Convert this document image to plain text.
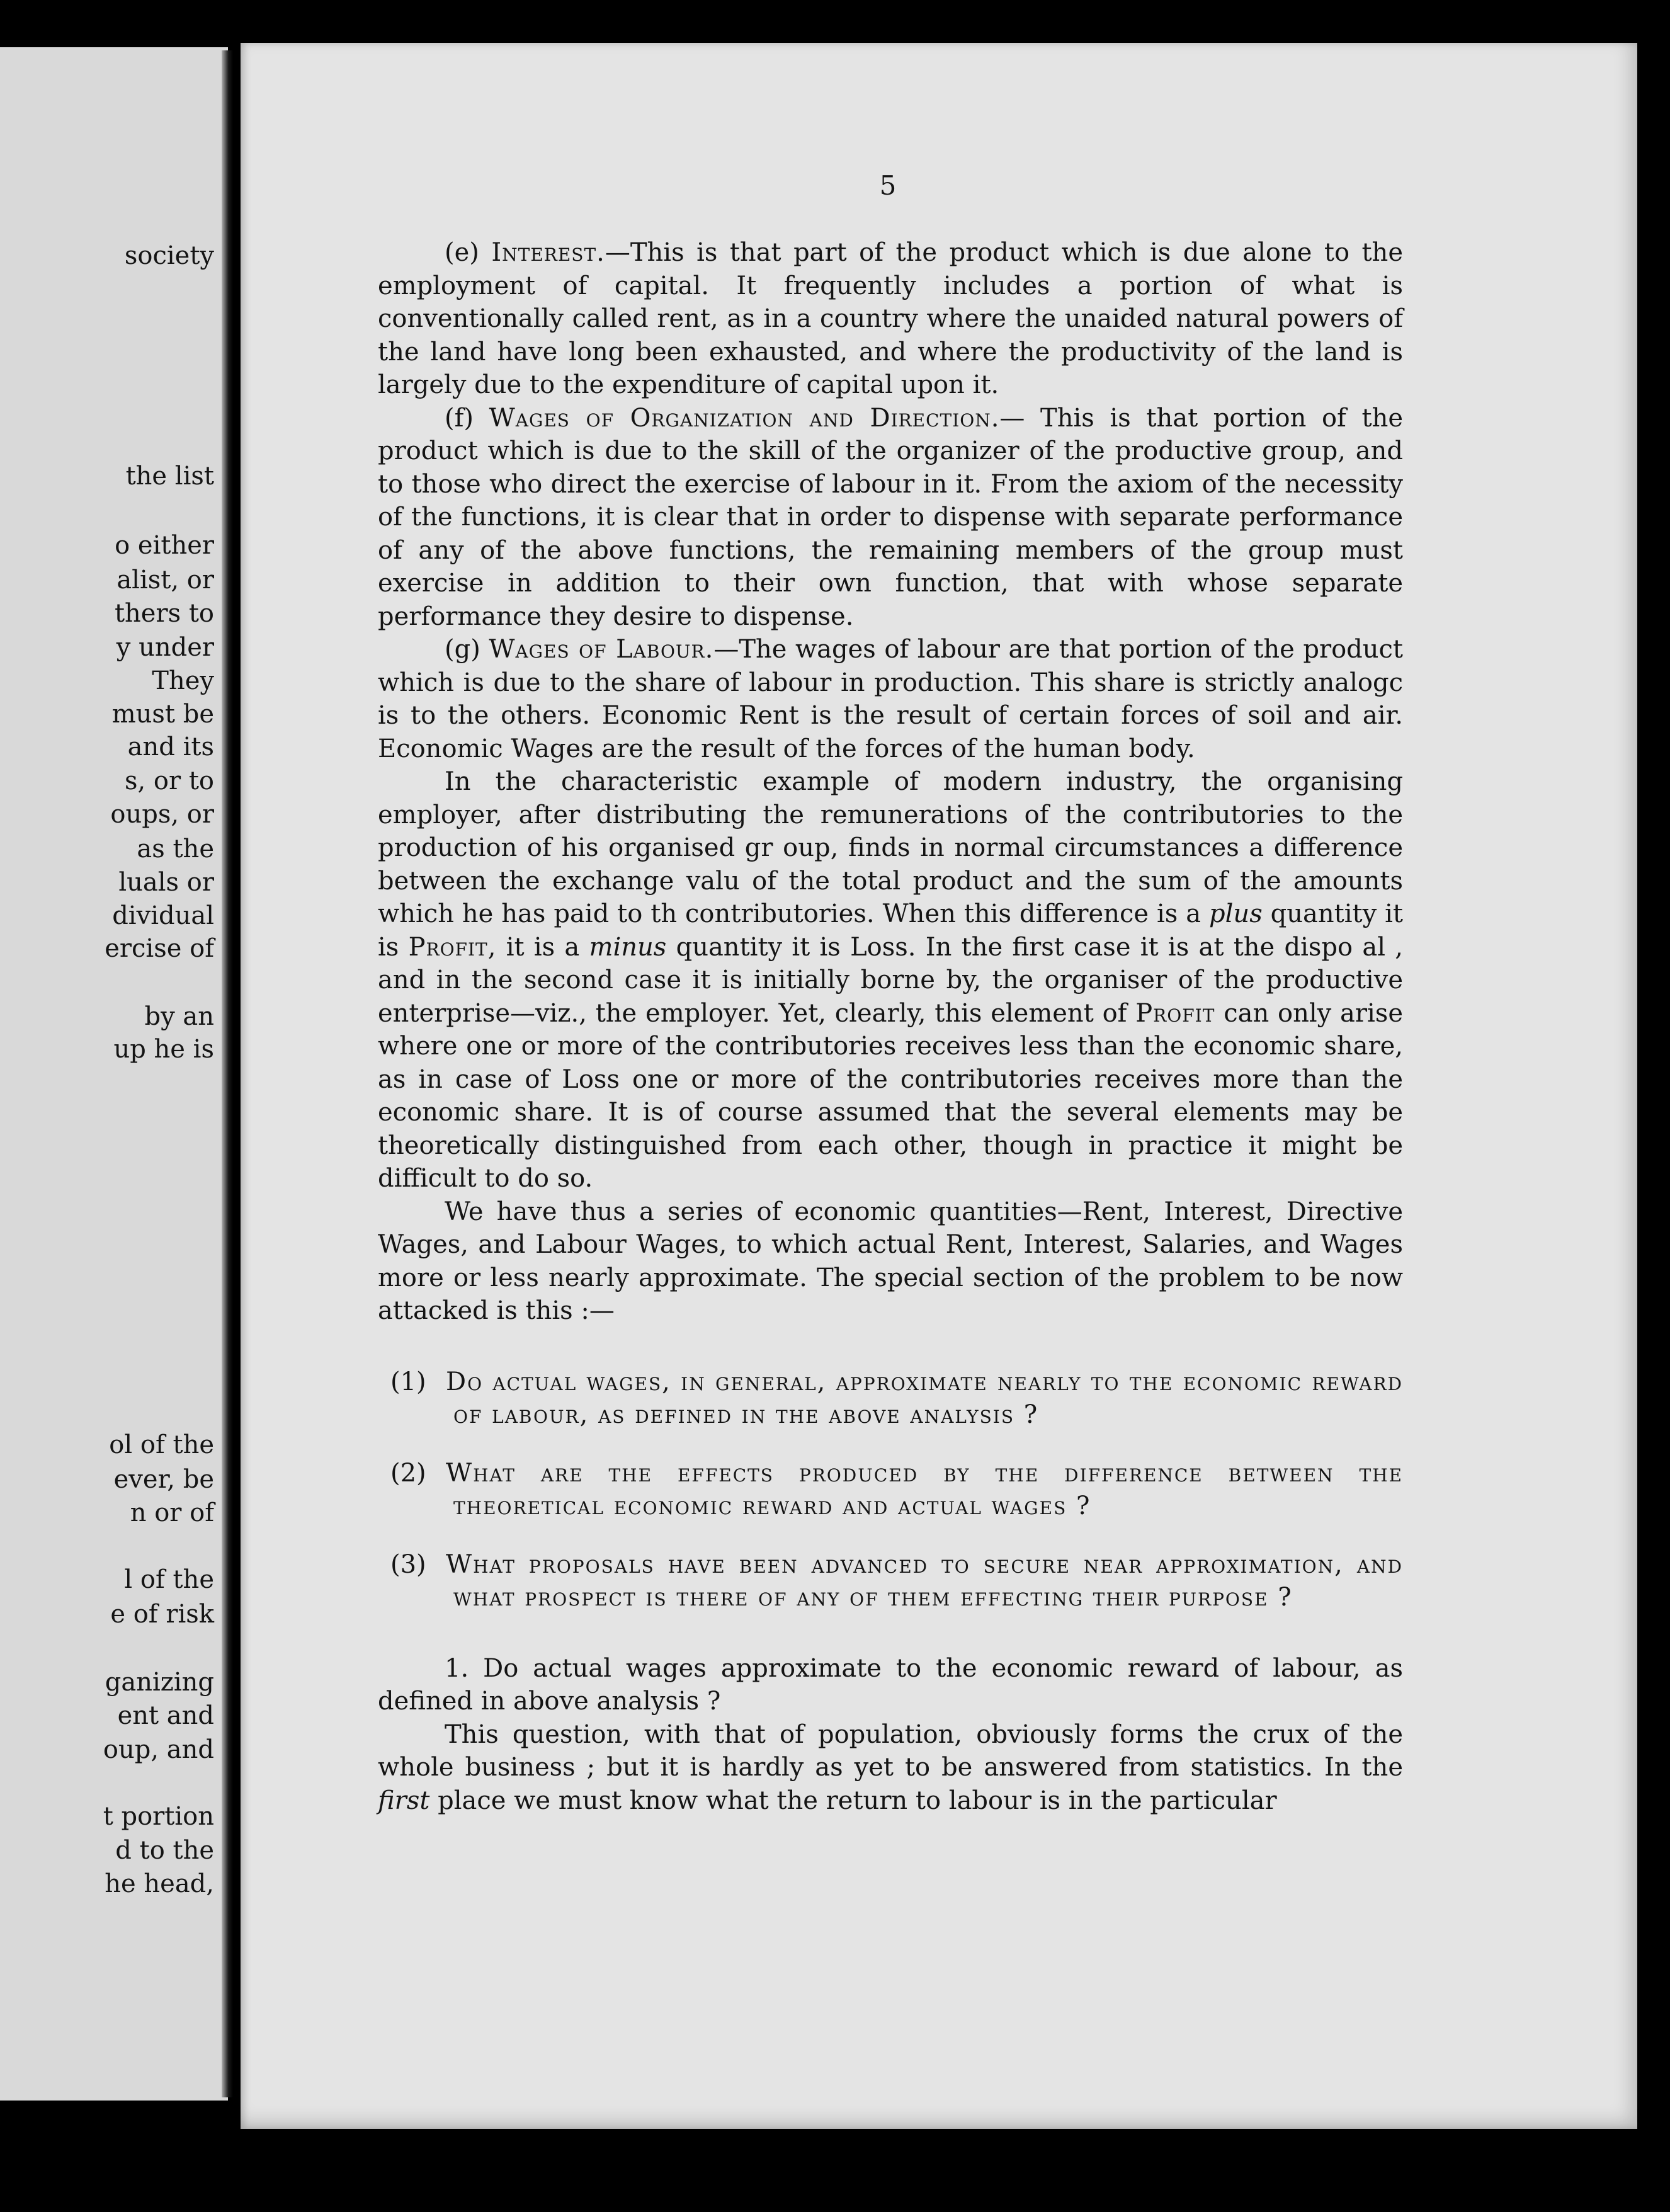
society
the list
o either
alist, or
thers to
y under
They
must be
and its
s, or to
oups, or
as the
luals or
dividual
ercise of
by an
up he is
ol of the
ever, be
n or of
l of the
e of risk
ganizing
ent and
oup, and
t portion
d to the
he head,
5

(e) Interest.—This is that part of the product which is due alone to the employment of capital. It frequently includes a portion of what is conventionally called rent, as in a country where the unaided natural powers of the land have long been exhausted, and where the productivity of the land is largely due to the expenditure of capital upon it.

(f) Wages of Organization and Direction.— This is that portion of the product which is due to the skill of the organizer of the productive group, and to those who direct the exercise of labour in it. From the axiom of the necessity of the functions, it is clear that in order to dispense with separate performance of any of the above functions, the remaining members of the group must exercise in addition to their own function, that with whose separate performance they desire to dispense.

(g) Wages of Labour.—The wages of labour are that portion of the product which is due to the share of labour in production. This share is strictly analogc is to the others. Economic Rent is the result of certain forces of soil and air. Economic Wages are the result of the forces of the human body.

In the characteristic example of modern industry, the organising employer, after distributing the remunerations of the contributories to the production of his organised gr oup, finds in normal circumstances a difference between the exchange valu of the total product and the sum of the amounts which he has paid to th contributories. When this difference is a plus quantity it is Profit, it is a minus quantity it is Loss. In the first case it is at the dispo al , and in the second case it is initially borne by, the organiser of the productive enterprise—viz., the employer. Yet, clearly, this element of Profit can only arise where one or more of the contributories receives less than the economic share, as in case of Loss one or more of the contributories receives more than the economic share. It is of course assumed that the several elements may be theoretically distinguished from each other, though in practice it might be difficult to do so.

We have thus a series of economic quantities—Rent, Interest, Directive Wages, and Labour Wages, to which actual Rent, Interest, Salaries, and Wages more or less nearly approximate. The special section of the problem to be now attacked is this :—

(1) Do actual wages, in general, approximate nearly to the economic reward of labour, as defined in the above analysis ?

(2) What are the effects produced by the difference between the theoretical economic reward and actual wages ?

(3) What proposals have been advanced to secure near approximation, and what prospect is there of any of them effecting their purpose ?

1. Do actual wages approximate to the economic reward of labour, as defined in above analysis ?

This question, with that of population, obviously forms the crux of the whole business ; but it is hardly as yet to be answered from statistics. In the first place we must know what the return to labour is in the particular
